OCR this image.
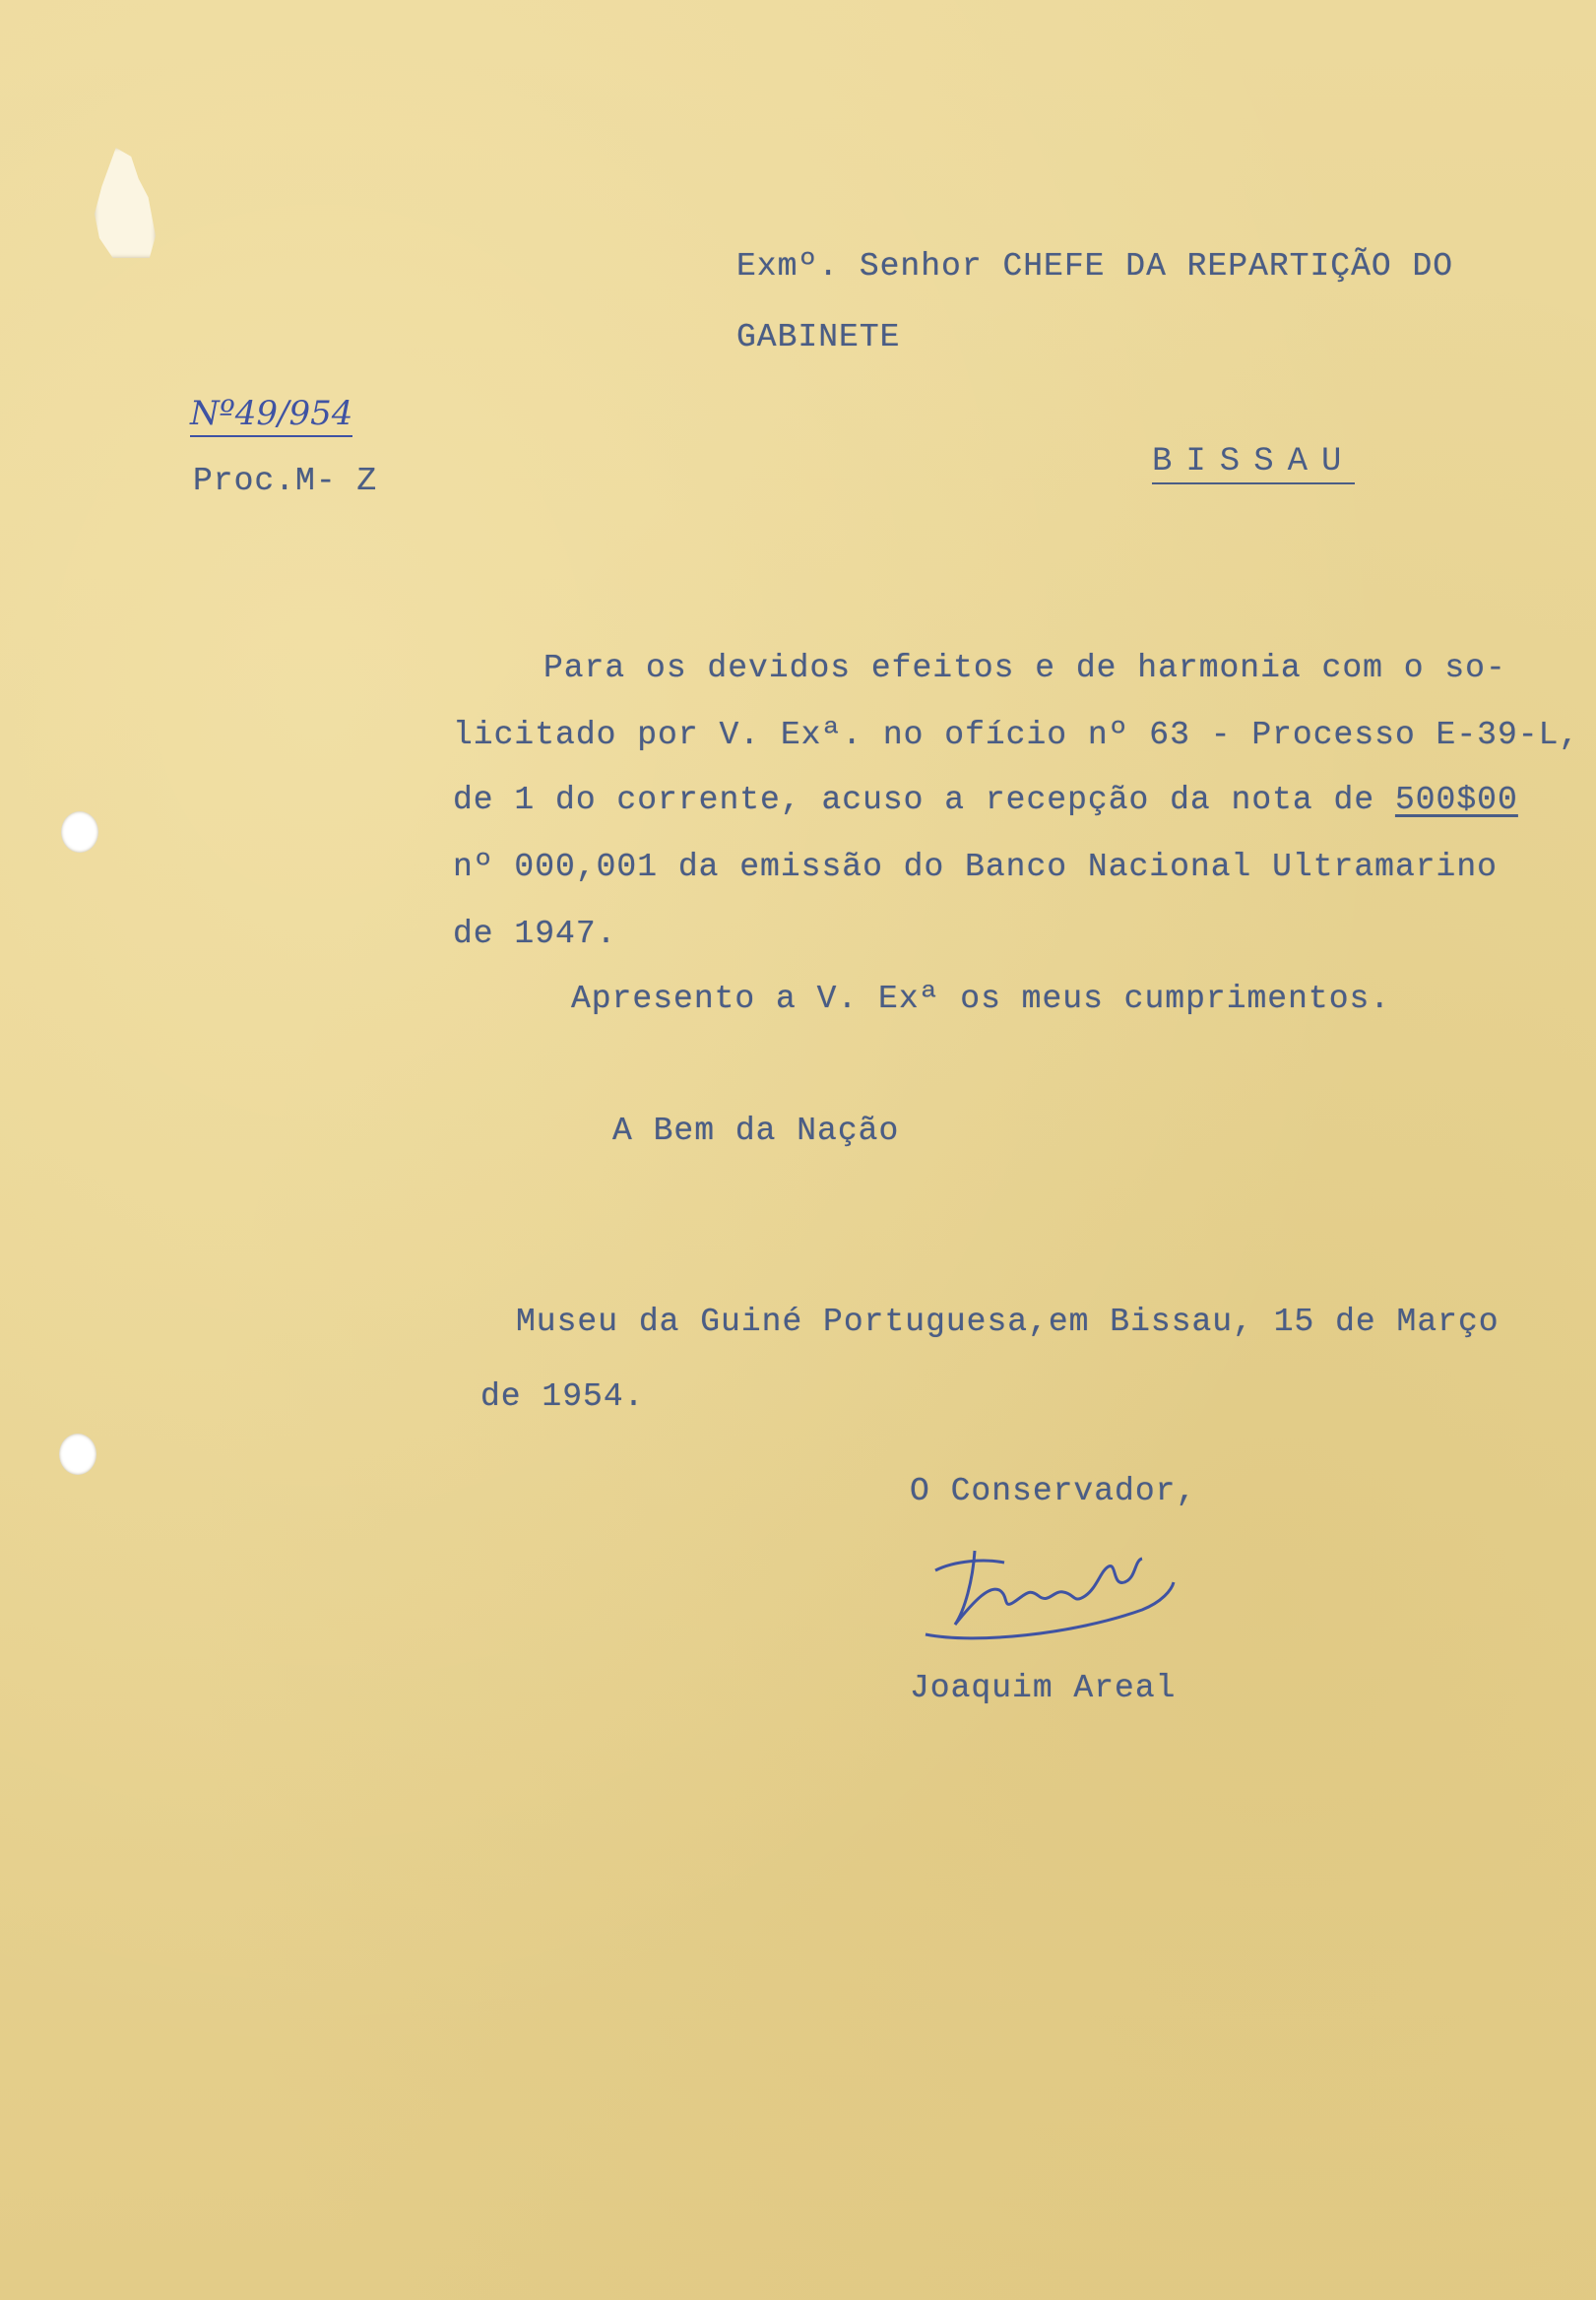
Exmº. Senhor CHEFE DA REPARTIÇÃO DO
GABINETE
Nº49/954
Proc.M- Z
BISSAU
Para os devidos efeitos e de harmonia com o so-
licitado por V. Exª. no ofício nº 63 - Processo E-39-L,
de 1 do corrente, acuso a recepção da nota de 500$00
nº 000,001 da emissão do Banco Nacional Ultramarino
de 1947.
Apresento a V. Exª os meus cumprimentos.
A Bem da Nação
Museu da Guiné Portuguesa,em Bissau, 15 de Março
de 1954.
O Conservador,
Joaquim Areal
